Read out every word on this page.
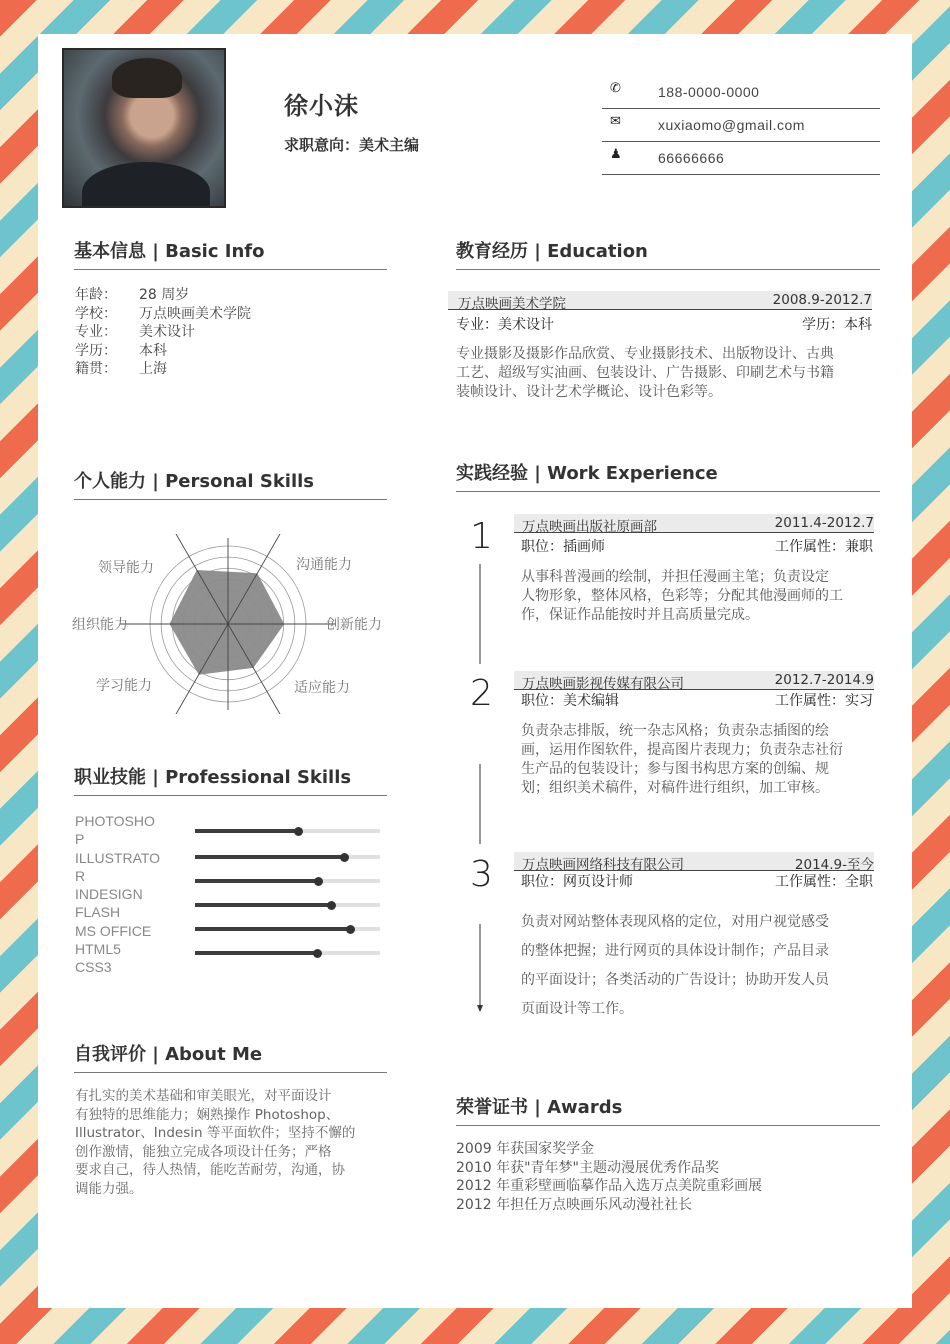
徐小沫
求职意向：美术主编
✆	188-0000-0000
✉	xuxiaomo@gmail.com
♟	66666666
基本信息 | Basic Info
年龄： 28 周岁
学校： 万点映画美术学院
专业： 美术设计
学历： 本科
籍贯： 上海
个人能力 | Personal Skills
沟通能力
创新能力
适应能力
学习能力
组织能力
领导能力
职业技能 | Professional Skills
PHOTOSHO
P
ILLUSTRATO
R
INDESIGN
FLASH
MS OFFICE
HTML5
CSS3
自我评价 | About Me
有扎实的美术基础和审美眼光，对平面设计
有独特的思维能力；娴熟操作 Photoshop、
Illustrator、Indesin 等平面软件；坚持不懈的
创作激情，能独立完成各项设计任务；严格
要求自己，待人热情，能吃苦耐劳，沟通，协
调能力强。
教育经历 | Education
万点映画美术学院	2008.9-2012.7
专业：美术设计	学历：本科
专业摄影及摄影作品欣赏、专业摄影技术、出版物设计、古典
工艺、超级写实油画、包装设计、广告摄影、印刷艺术与书籍
装帧设计、设计艺术学概论、设计色彩等。
实践经验 | Work Experience
1 万点映画出版社原画部	2011.4-2012.7
职位：插画师	工作属性：兼职
从事科普漫画的绘制，并担任漫画主笔；负责设定
人物形象，整体风格，色彩等；分配其他漫画师的工
作，保证作品能按时并且高质量完成。
2 万点映画影视传媒有限公司	2012.7-2014.9
职位：美术编辑	工作属性：实习
负责杂志排版，统一杂志风格；负责杂志插图的绘
画，运用作图软件，提高图片表现力；负责杂志社衍
生产品的包装设计；参与图书构思方案的创编、规
划；组织美术稿件，对稿件进行组织，加工审核。
3 万点映画网络科技有限公司	2014.9-至今
职位：网页设计师	工作属性：全职
负责对网站整体表现风格的定位，对用户视觉感受
的整体把握；进行网页的具体设计制作；产品目录
的平面设计；各类活动的广告设计；协助开发人员
页面设计等工作。
荣誉证书 | Awards
2009 年获国家奖学金
2010 年获"青年梦"主题动漫展优秀作品奖
2012 年重彩壁画临摹作品入选万点美院重彩画展
2012 年担任万点映画乐风动漫社社长
